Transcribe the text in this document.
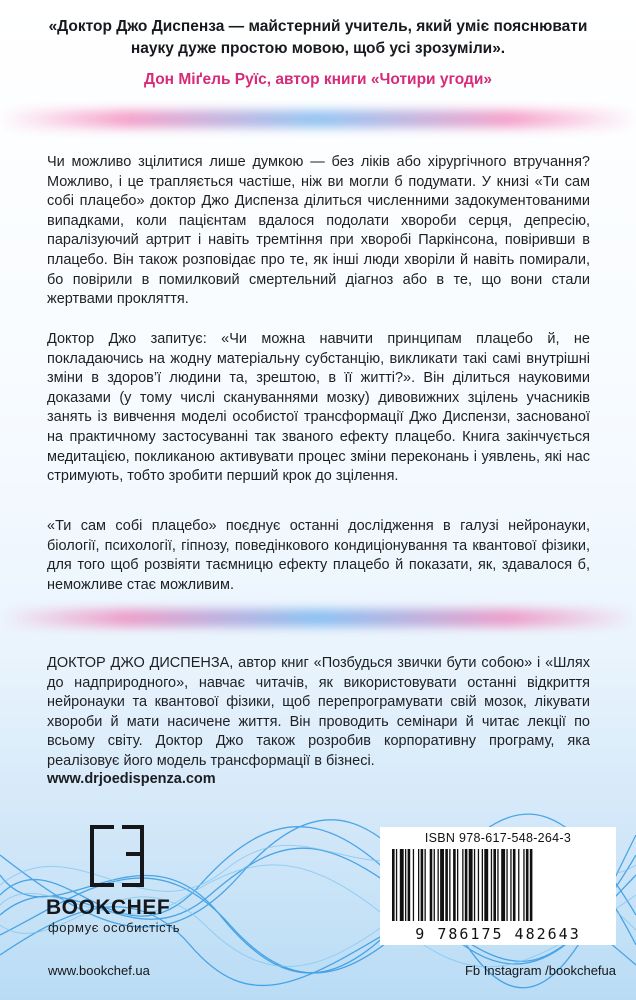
«Доктор Джо Диспенза — майстерний учитель, який уміє пояснювати науку дуже простою мовою, щоб усі зрозуміли».
Дон Міґель Руїс, автор книги «Чотири угоди»

Чи можливо зцілитися лише думкою — без ліків або хірургічного втручання? Можливо, і це трапляється частіше, ніж ви могли б подумати. У книзі «Ти сам собі плацебо» доктор Джо Диспенза ділиться численними задокументованими випадками, коли пацієнтам вдалося подолати хвороби серця, депресію, паралізуючий артрит і навіть тремтіння при хворобі Паркінсона, повіривши в плацебо. Він також розповідає про те, як інші люди хворіли й навіть помирали, бо повірили в помилковий смертельний діагноз або в те, що вони стали жертвами прокляття.

Доктор Джо запитує: «Чи можна навчити принципам плацебо й, не покладаючись на жодну матеріальну субстанцію, викликати такі самі внутрішні зміни в здоров’ї людини та, зрештою, в її житті?». Він ділиться науковими доказами (у тому числі скануваннями мозку) дивовижних зцілень учасників занять із вивчення моделі особистої трансформації Джо Диспензи, заснованої на практичному застосуванні так званого ефекту плацебо. Книга закінчується медитацією, покликаною активувати процес зміни переконань і уявлень, які нас стримують, тобто зробити перший крок до зцілення.

«Ти сам собі плацебо» поєднує останні дослідження в галузі нейронауки, біології, психології, гіпнозу, поведінкового кондиціонування та квантової фізики, для того щоб розвіяти таємницю ефекту плацебо й показати, як, здавалося б, неможливе стає можливим.

ДОКТОР ДЖО ДИСПЕНЗА, автор книг «Позбудься звички бути собою» і «Шлях до надприродного», навчає читачів, як використовувати останні відкриття нейронауки та квантової фізики, щоб перепрограмувати свій мозок, лікувати хвороби й мати насичене життя. Він проводить семінари й читає лекції по всьому світу. Доктор Джо також розробив корпоративну програму, яка реалізовує його модель трансформації в бізнесі.

www.drjoedispenza.com
BOOKCHEF
формує особистість
ISBN 978-617-548-264-3
9 786175 482643
www.bookchef.ua	Fb Instagram /bookchefua
